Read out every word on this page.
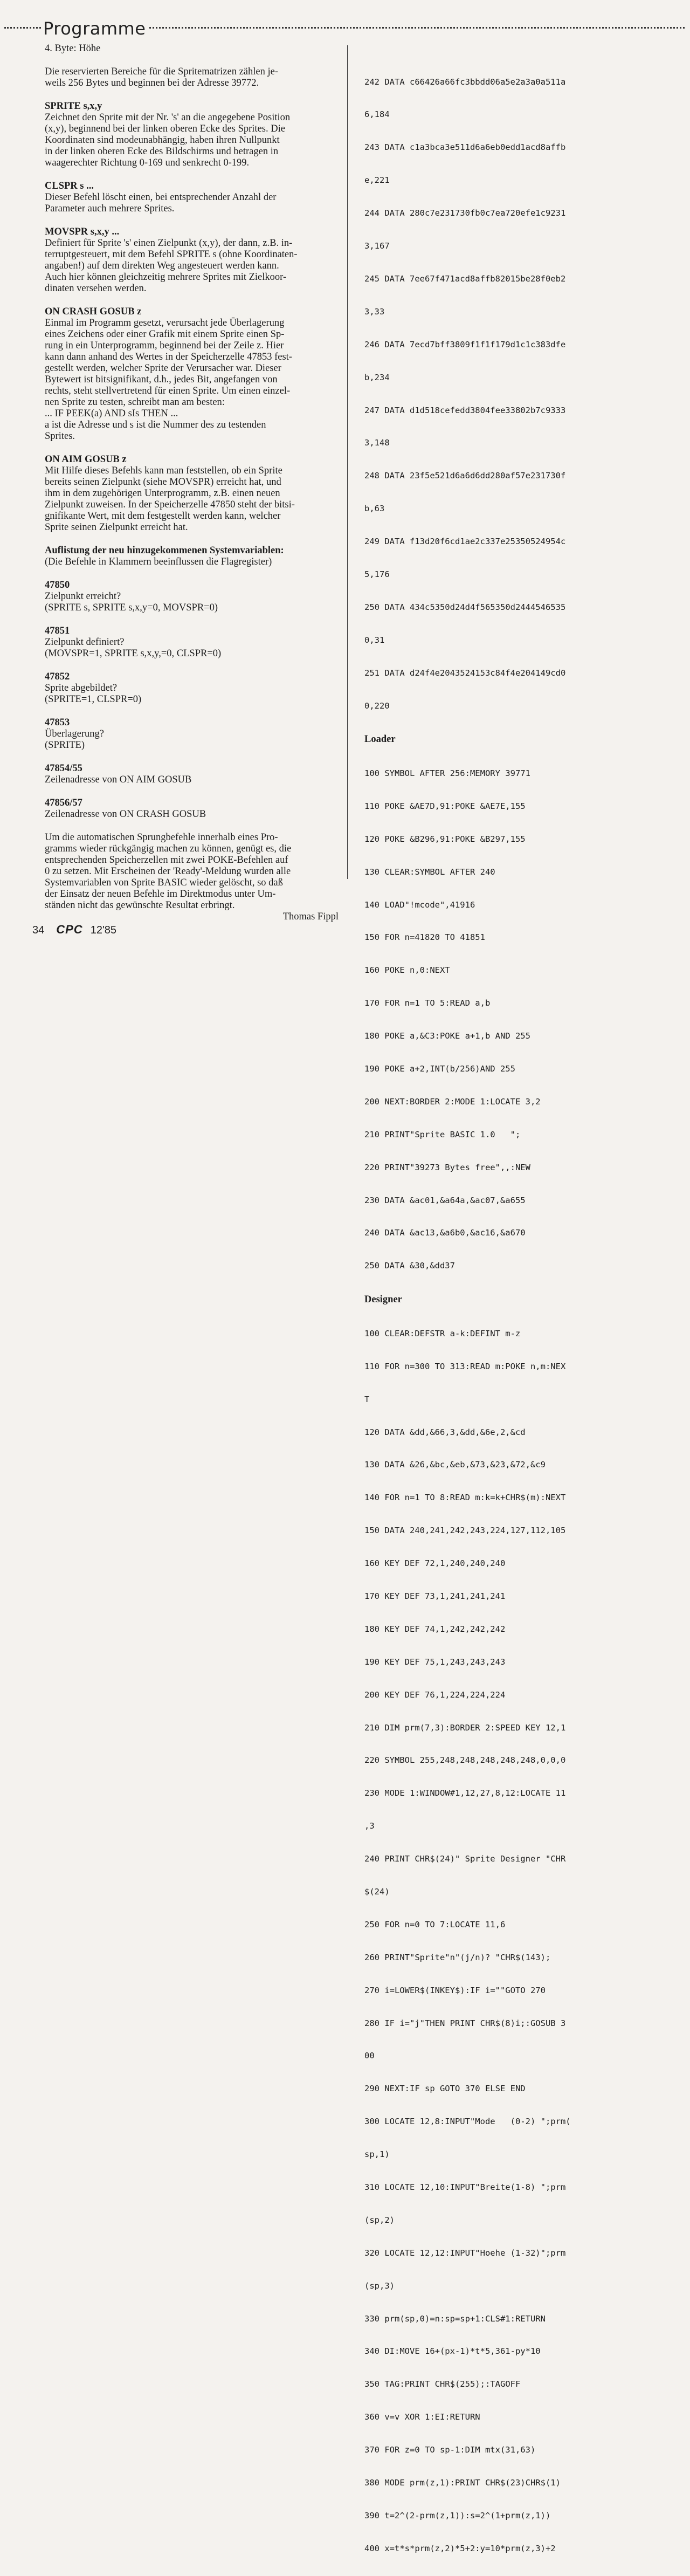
Programme
4. Byte: Höhe
Die reservierten Bereiche für die Spritematrizen zählen je-
weils 256 Bytes und beginnen bei der Adresse 39772.
SPRITE s,x,y
Zeichnet den Sprite mit der Nr. 's' an die angegebene Position
(x,y), beginnend bei der linken oberen Ecke des Sprites. Die
Koordinaten sind modeunabhängig, haben ihren Nullpunkt
in der linken oberen Ecke des Bildschirms und betragen in
waagerechter Richtung 0-169 und senkrecht 0-199.
CLSPR s ...
Dieser Befehl löscht einen, bei entsprechender Anzahl der
Parameter auch mehrere Sprites.
MOVSPR s,x,y ...
Definiert für Sprite 's' einen Zielpunkt (x,y), der dann, z.B. in-
terruptgesteuert, mit dem Befehl SPRITE s (ohne Koordinaten-
angaben!) auf dem direkten Weg angesteuert werden kann.
Auch hier können gleichzeitig mehrere Sprites mit Zielkoor-
dinaten versehen werden.
ON CRASH GOSUB z
Einmal im Programm gesetzt, verursacht jede Überlagerung
eines Zeichens oder einer Grafik mit einem Sprite einen Sp-
rung in ein Unterprogramm, beginnend bei der Zeile z. Hier
kann dann anhand des Wertes in der Speicherzelle 47853 fest-
gestellt werden, welcher Sprite der Verursacher war. Dieser
Bytewert ist bitsignifikant, d.h., jedes Bit, angefangen von
rechts, steht stellvertretend für einen Sprite. Um einen einzel-
nen Sprite zu testen, schreibt man am besten:
... IF PEEK(a) AND sIs THEN ...
a ist die Adresse und s ist die Nummer des zu testenden
Sprites.
ON AIM GOSUB z
Mit Hilfe dieses Befehls kann man feststellen, ob ein Sprite
bereits seinen Zielpunkt (siehe MOVSPR) erreicht hat, und
ihm in dem zugehörigen Unterprogramm, z.B. einen neuen
Zielpunkt zuweisen. In der Speicherzelle 47850 steht der bitsi-
gnifikante Wert, mit dem festgestellt werden kann, welcher
Sprite seinen Zielpunkt erreicht hat.
Auflistung der neu hinzugekommenen Systemvariablen:
(Die Befehle in Klammern beeinflussen die Flagregister)
47850
Zielpunkt erreicht?
(SPRITE s, SPRITE s,x,y=0, MOVSPR=0)
47851
Zielpunkt definiert?
(MOVSPR=1, SPRITE s,x,y,=0, CLSPR=0)
47852
Sprite abgebildet?
(SPRITE=1, CLSPR=0)
47853
Überlagerung?
(SPRITE)
47854/55
Zeilenadresse von ON AIM GOSUB
47856/57
Zeilenadresse von ON CRASH GOSUB
Um die automatischen Sprungbefehle innerhalb eines Pro-
gramms wieder rückgängig machen zu können, genügt es, die
entsprechenden Speicherzellen mit zwei POKE-Befehlen auf
0 zu setzen. Mit Erscheinen der 'Ready'-Meldung wurden alle
Systemvariablen von Sprite BASIC wieder gelöscht, so daß
der Einsatz der neuen Befehle im Direktmodus unter Um-
ständen nicht das gewünschte Resultat erbringt.
Thomas Fippl

242 DATA c66426a66fc3bbdd06a5e2a3a0a511a

6,184

243 DATA c1a3bca3e511d6a6eb0edd1acd8affb

e,221

244 DATA 280c7e231730fb0c7ea720efe1c9231

3,167

245 DATA 7ee67f471acd8affb82015be28f0eb2

3,33

246 DATA 7ecd7bff3809f1f1f179d1c1c383dfe

b,234

247 DATA d1d518cefedd3804fee33802b7c9333

3,148

248 DATA 23f5e521d6a6d6dd280af57e231730f

b,63

249 DATA f13d20f6cd1ae2c337e25350524954c

5,176

250 DATA 434c5350d24d4f565350d2444546535

0,31

251 DATA d24f4e2043524153c84f4e204149cd0

0,220

Loader

100 SYMBOL AFTER 256:MEMORY 39771

110 POKE &AE7D,91:POKE &AE7E,155

120 POKE &B296,91:POKE &B297,155

130 CLEAR:SYMBOL AFTER 240

140 LOAD"!mcode",41916

150 FOR n=41820 TO 41851

160 POKE n,0:NEXT

170 FOR n=1 TO 5:READ a,b

180 POKE a,&C3:POKE a+1,b AND 255

190 POKE a+2,INT(b/256)AND 255

200 NEXT:BORDER 2:MODE 1:LOCATE 3,2

210 PRINT"Sprite BASIC 1.0   ";

220 PRINT"39273 Bytes free",,:NEW

230 DATA &ac01,&a64a,&ac07,&a655

240 DATA &ac13,&a6b0,&ac16,&a670

250 DATA &30,&dd37

Designer

100 CLEAR:DEFSTR a-k:DEFINT m-z

110 FOR n=300 TO 313:READ m:POKE n,m:NEX

T

120 DATA &dd,&66,3,&dd,&6e,2,&cd

130 DATA &26,&bc,&eb,&73,&23,&72,&c9

140 FOR n=1 TO 8:READ m:k=k+CHR$(m):NEXT

150 DATA 240,241,242,243,224,127,112,105

160 KEY DEF 72,1,240,240,240

170 KEY DEF 73,1,241,241,241

180 KEY DEF 74,1,242,242,242

190 KEY DEF 75,1,243,243,243

200 KEY DEF 76,1,224,224,224

210 DIM prm(7,3):BORDER 2:SPEED KEY 12,1

220 SYMBOL 255,248,248,248,248,248,0,0,0

230 MODE 1:WINDOW#1,12,27,8,12:LOCATE 11

,3

240 PRINT CHR$(24)" Sprite Designer "CHR

$(24)

250 FOR n=0 TO 7:LOCATE 11,6

260 PRINT"Sprite"n"(j/n)? "CHR$(143);

270 i=LOWER$(INKEY$):IF i=""GOTO 270

280 IF i="j"THEN PRINT CHR$(8)i;:GOSUB 3

00

290 NEXT:IF sp GOTO 370 ELSE END

300 LOCATE 12,8:INPUT"Mode   (0-2) ";prm(

sp,1)

310 LOCATE 12,10:INPUT"Breite(1-8) ";prm

(sp,2)

320 LOCATE 12,12:INPUT"Hoehe (1-32)";prm

(sp,3)

330 prm(sp,0)=n:sp=sp+1:CLS#1:RETURN

340 DI:MOVE 16+(px-1)*t*5,361-py*10

350 TAG:PRINT CHR$(255);:TAGOFF

360 v=v XOR 1:EI:RETURN

370 FOR z=0 TO sp-1:DIM mtx(31,63)

380 MODE prm(z,1):PRINT CHR$(23)CHR$(1)

390 t=2^(2-prm(z,1)):s=2^(1+prm(z,1))

400 x=t*s*prm(z,2)*5+2:y=10*prm(z,3)+2

34 CPC 12'85
